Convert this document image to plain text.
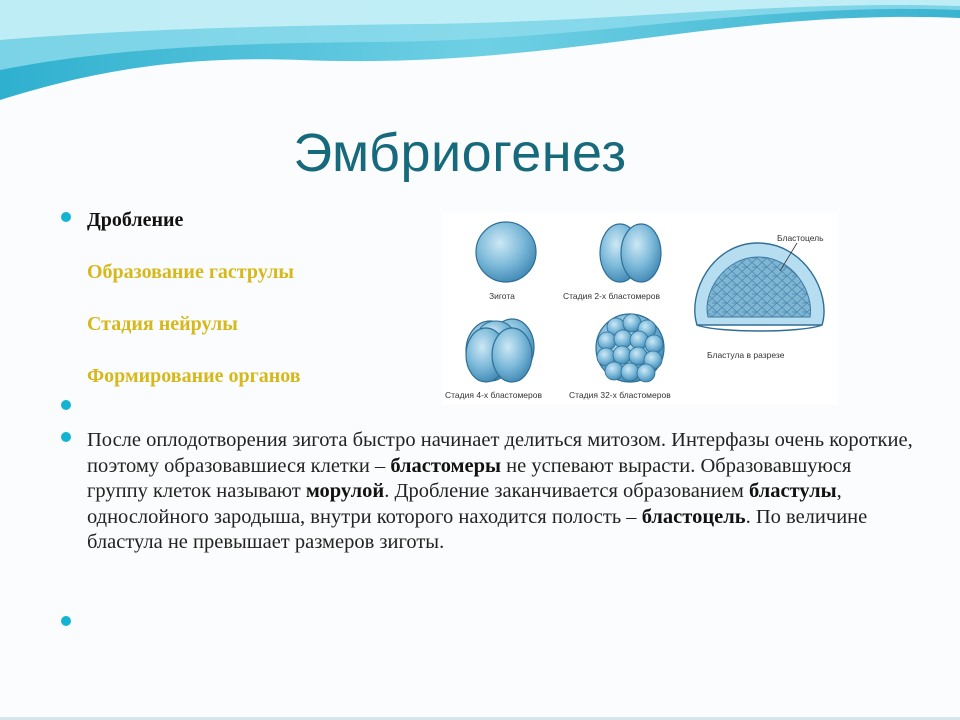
Эмбриогенез
Дробление
Образование гаструлы
Стадия нейрулы
Формирование органов
После оплодотворения зигота быстро начинает делиться митозом. Интерфазы очень короткие, поэтому образовавшиеся клетки – бластомеры не успевают вырасти. Образовавшуюся группу клеток называют морулой. Дробление заканчивается образованием бластулы, однослойного зародыша, внутри которого находится полость – бластоцель. По величине бластула не превышает размеров зиготы.
Зигота	Стадия 2-х бластомеров
Бластоцель
Бластула в разрезе
Стадия 4-х бластомеров	Стадия 32-х бластомеров
